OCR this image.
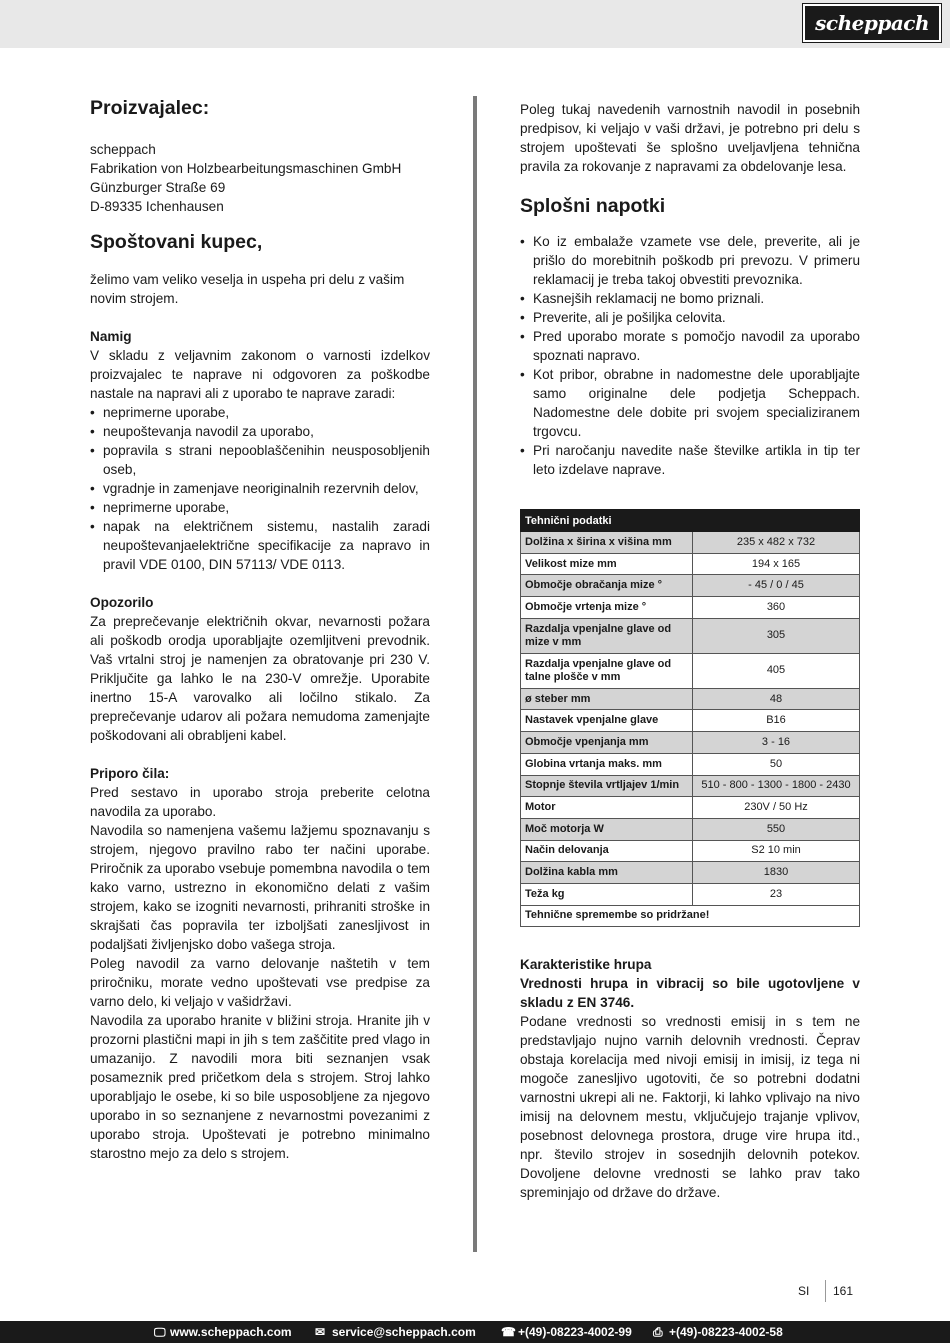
scheppach
Proizvajalec:

scheppach

Fabrikation von Holzbearbeitungsmaschinen GmbH

Günzburger Straße 69

D-89335 Ichenhausen

Spoštovani kupec,

želimo vam veliko veselja in uspeha pri delu z vašim novim strojem.

Namig

V skladu z veljavnim zakonom o varnosti izdelkov proizvajalec te naprave ni odgovoren za poškodbe nastale na napravi ali z uporabo te naprave zaradi:

• neprimerne uporabe,
• neupoštevanja navodil za uporabo,
• popravila s strani nepooblaščenihin neusposobljenih oseb,
• vgradnje in zamenjave neoriginalnih rezervnih delov,
• neprimerne uporabe,
• napak na električnem sistemu, nastalih zaradi neupoštevanjaelektrične specifikacije za napravo in pravil VDE 0100, DIN 57113/ VDE 0113.

Opozorilo

Za preprečevanje električnih okvar, nevarnosti požara ali poškodb orodja uporabljajte ozemljitveni prevodnik. Vaš vrtalni stroj je namenjen za obratovanje pri 230 V. Priključite ga lahko le na 230-V omrežje. Uporabite inertno 15-A varovalko ali ločilno stikalo. Za preprečevanje udarov ali požara nemudoma zamenjajte poškodovani ali obrabljeni kabel.

Priporo čila:

Pred sestavo in uporabo stroja preberite celotna navodila za uporabo.

Navodila so namenjena vašemu lažjemu spoznavanju s strojem, njegovo pravilno rabo ter načini uporabe. Priročnik za uporabo vsebuje pomembna navodila o tem kako varno, ustrezno in ekonomično delati z vašim strojem, kako se izogniti nevarnosti, prihraniti stroške in skrajšati čas popravila ter izboljšati zanesljivost in podaljšati življenjsko dobo vašega stroja.

Poleg navodil za varno delovanje naštetih v tem priročniku, morate vedno upoštevati vse predpise za varno delo, ki veljajo v vašidržavi.

Navodila za uporabo hranite v bližini stroja. Hranite jih v prozorni plastični mapi in jih s tem zaščitite pred vlago in umazanijo. Z navodili mora biti seznanjen vsak posameznik pred pričetkom dela s strojem. Stroj lahko uporabljajo le osebe, ki so bile usposobljene za njegovo uporabo in so seznanjene z nevarnostmi povezanimi z uporabo stroja. Upoštevati je potrebno minimalno starostno mejo za delo s strojem.

Poleg tukaj navedenih varnostnih navodil in posebnih predpisov, ki veljajo v vaši državi, je potrebno pri delu s strojem upoštevati še splošno uveljavljena tehnična pravila za rokovanje z napravami za obdelovanje lesa.

Splošni napotki
• Ko iz embalaže vzamete vse dele, preverite, ali je prišlo do morebitnih poškodb pri prevozu. V primeru reklamacij je treba takoj obvestiti prevoznika.
• Kasnejših reklamacij ne bomo priznali.
• Preverite, ali je pošiljka celovita.
• Pred uporabo morate s pomočjo navodil za uporabo spoznati napravo.
• Kot pribor, obrabne in nadomestne dele uporabljajte samo originalne dele podjetja Scheppach. Nadomestne dele dobite pri svojem specializiranem trgovcu.
• Pri naročanju navedite naše številke artikla in tip ter leto izdelave naprave.
Tehnični podatki	
Dolžina x širina x višina mm	235 x 482 x 732
Velikost mize mm	194 x 165
Območje obračanja mize °	- 45 / 0 / 45
Območje vrtenja mize °	360
Razdalja vpenjalne glave od mize v mm	305
Razdalja vpenjalne glave od talne plošče v mm	405
ø steber mm	48
Nastavek vpenjalne glave	B16
Območje vpenjanja mm	3 - 16
Globina vrtanja maks. mm	50
Stopnje števila vrtljajev 1/min	510 - 800 - 1300 - 1800 - 2430
Motor	230V / 50 Hz
Moč motorja W	550
Način delovanja	S2 10 min
Dolžina kabla mm	1830
Teža kg	23
Tehnične spremembe so pridržane!	

Karakteristike hrupa

Vrednosti hrupa in vibracij so bile ugotovljene v skladu z EN 3746.

Podane vrednosti so vrednosti emisij in s tem ne predstavljajo nujno varnih delovnih vrednosti. Čeprav obstaja korelacija med nivoji emisij in imisij, iz tega ni mogoče zanesljivo ugotoviti, če so potrebni dodatni varnostni ukrepi ali ne. Faktorji, ki lahko vplivajo na nivo imisij na delovnem mestu, vključujejo trajanje vplivov, posebnost delovnega prostora, druge vire hrupa itd., npr. število strojev in sosednjih delovnih potekov. Dovoljene delovne vrednosti se lahko prav tako spreminjajo od države do države.

SI 161
🖵 www.scheppach.com ✉ service@scheppach.com ☎ +(49)-08223-4002-99 ⎙ +(49)-08223-4002-58
